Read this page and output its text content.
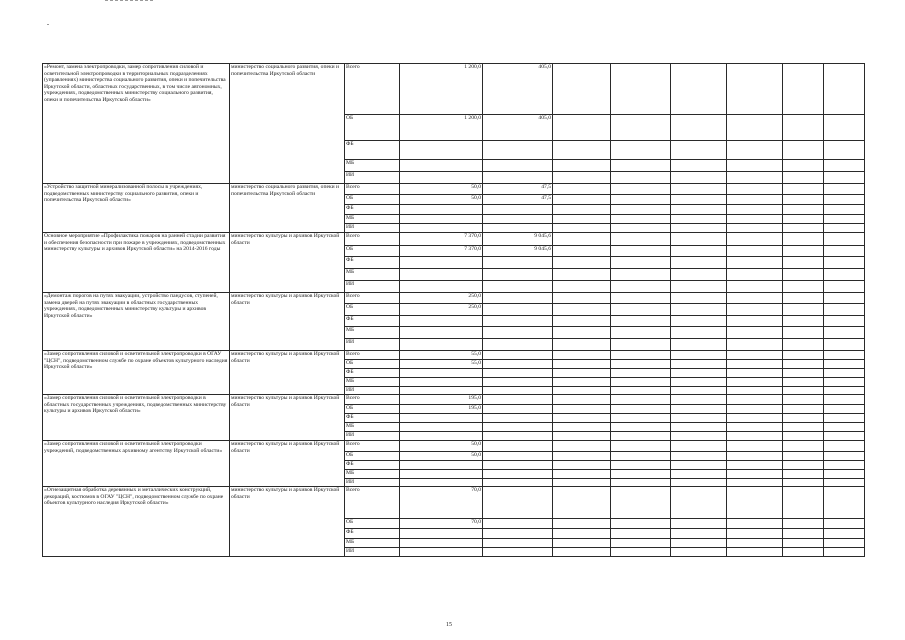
«Ремонт, замена электропроводки, замер сопротивления силовой и осветительной электропроводки в территориальных подразделениях (управлениях) министерства социального развития, опеки и попечительства Иркутской области, областных государственных, в том числе автономных, учреждениях, подведомственных министерству социального развития, опеки и попечительства Иркутской области»	министерство социального развития, опеки и попечительства Иркутской области	Всего	1 200,0	405,0						
		ОБ	1 200,0	405,0						
		ФБ								
		МБ								
		ИИ								
«Устройство защитной минерализованной полосы в учреждениях, подведомственных министерству социального развития, опеки и попечительства Иркутской области»	министерство социального развития, опеки и попечительства Иркутской области	Всего	50,0	47,5						
		ОБ	50,0	47,5						
		ФБ								
		МБ								
		ИИ								
Основное мероприятие «Профилактика пожаров на ранней стадии развития и обеспечения безопасности при пожаре в учреждениях, подведомственных министерству культуры и архивов Иркутской области» на 2014-2016 годы	министерство культуры и архивов Иркутской области	Всего	7 370,0	9 045,6						
		ОБ	7 370,0	9 045,6						
		ФБ								
		МБ								
		ИИ								
«Демонтаж порогов на путях эвакуации, устройство пандусов, ступеней, замена дверей на путях эвакуации в областных государственных учреждениях, подведомственных министерству культуры и архивов Иркутской области»	министерство культуры и архивов Иркутской области	Всего	250,0							
		ОБ	250,0							
		ФБ								
		МБ								
		ИИ								
«Замер сопротивления силовой и осветительной электропроводки в ОГАУ "ЦСН", подведомственном службе по охране объектов культурного наследия Иркутской области»	министерство культуры и архивов Иркутской области	Всего	55,0							
		ОБ	55,0							
		ФБ								
		МБ								
		ИИ								
«Замер сопротивления силовой и осветительной электропроводки в областных государственных учреждениях, подведомственных министерству культуры и архивов Иркутской области»	министерство культуры и архивов Иркутской области	Всего	195,0							
		ОБ	195,0							
		ФБ								
		МБ								
		ИИ								
«Замер сопротивления силовой и осветительной электропроводки учреждений, подведомственных архивному агентству Иркутской области»	министерство культуры и архивов Иркутской области	Всего	50,0							
		ОБ	50,0							
		ФБ								
		МБ								
		ИИ								
«Огнезащитная обработка деревянных и металлических конструкций, декораций, костюмов в ОГАУ "ЦСН", подведомственном службе по охране объектов культурного наследия Иркутской области»	министерство культуры и архивов Иркутской области	Всего	70,0							
		ОБ	70,0							
		ФБ								
		МБ								
		ИИ								
15
